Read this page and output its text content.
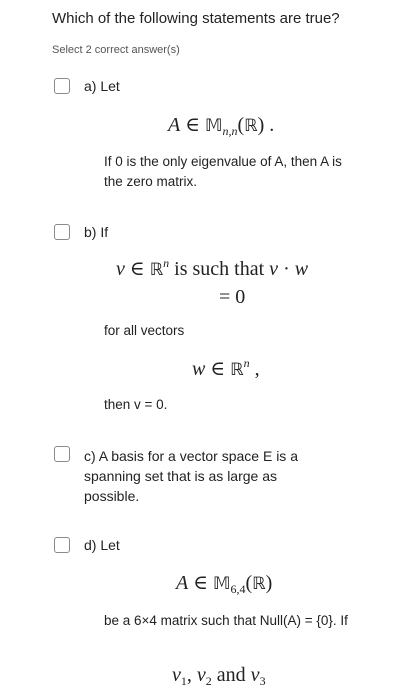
Which of the following statements are true?
Select 2 correct answer(s)
a) Let
A ∈ 𝕄$_{n,n}$(ℝ) .
If 0 is the only eigenvalue of A, then A is the zero matrix.
b) If
v ∈ ℝ$^n$ is such that v · w
= 0
for all vectors
w ∈ ℝ$^n$ ,
then v = 0.
c) A basis for a vector space E is a spanning set that is as large as possible.
d) Let
A ∈ 𝕄$_{6,4}$(ℝ)
be a 6×4 matrix such that Null(A) = {0}. If
$v_1$, $v_2$ and $v_3$
